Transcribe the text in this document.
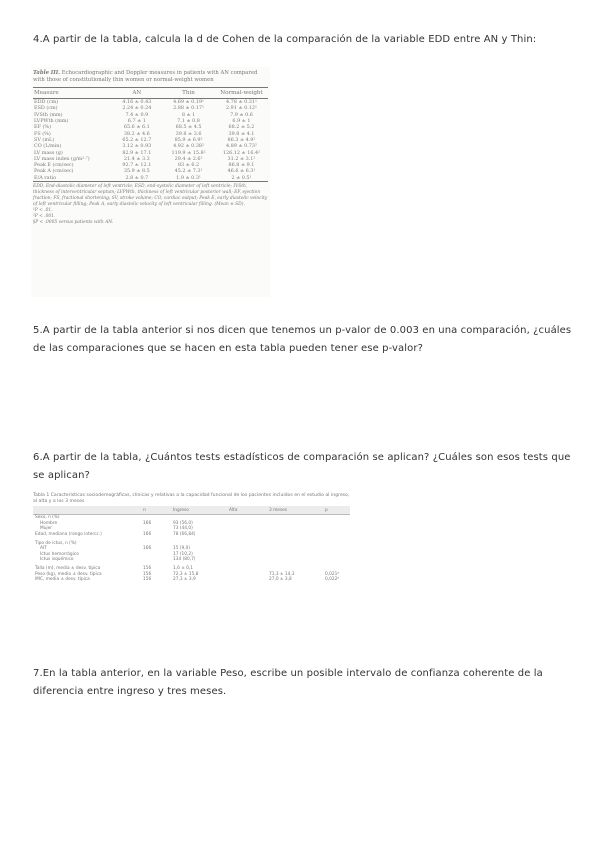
4.A partir de la tabla, calcula la d de Cohen de la comparación de la variable EDD entre AN y Thin:

Table III. Echocardiographic and Doppler measures in patients with AN compared with those of constitutionally thin women or normal-weight women
Measure	AN	Thin	Normal-weight
EDD (cm)	4.16 ± 0.43	4.69 ± 0.19¹	4.78 ± 0.31¹
ESD (cm)	2.24 ± 0.24	2.88 ± 0.17¹	2.91 ± 0.12¹
IVSth (mm)	7.4 ± 0.9	8 ± 1	7.9 ± 0.6
LVPWth (mm)	6.7 ± 1	7.1 ± 0.8	6.9 ± 1
EF (%)	65.6 ± 6.1	68.5 ± 4.5	68.2 ± 5.2
FS (%)	38.2 ± 4.6	39.8 ± 3.6	39.8 ± 4.1
SV (mL)	65.2 ± 12.7	85.9 ± 6.9²	86.3 ± 4.9²
CO (L/min)	3.12 ± 0.93	4.92 ± 0.38²	4.89 ± 0.73²
LV mass (g)	82.9 ± 17.1	119.9 ± 15.8²	126.12 ± 16.4²
LV mass index (g/m²·⁷)	21.4 ± 3.3	29.4 ± 2.6²	31.2 ± 3.1²
Peak E (cm/sec)	92.7 ± 12.1	83 ± 6.2	86.8 ± 9.1
Peak A (cm/sec)	35.9 ± 8.5	45.2 ± 7.3¹	46.6 ± 6.3¹
E/A ratio	2.8 ± 0.7	1.9 ± 0.3¹	2 ± 0.5¹
EDD, End-diastolic diameter of left ventricle; ESD, end-systolic diameter of left ventricle; IVSth, thickness of interventricular septum; LVPWth, thickness of left ventricular posterior wall; EF, ejection fraction; FS, fractional shortening; SV, stroke volume; CO, cardiac output; Peak E, early diastolic velocity of left ventricular filling; Peak A, early diastolic velocity of left ventricular filling. (Mean ± SD).
¹P < .01.
²P < .001.
§P < .0005 versus patients with AN.

5.A partir de la tabla anterior si nos dicen que tenemos un p-valor de 0.003 en una comparación, ¿cuáles de las comparaciones que se hacen en esta tabla pueden tener ese p-valor?

6.A partir de la tabla, ¿Cuántos tests estadísticos de comparación se aplican? ¿Cuáles son esos tests que se aplican?

Tabla 1 Características sociodemográficas, clínicas y relativas a la capacidad funcional de los pacientes incluidos en el estudio al ingreso, al alta y a los 3 meses
	n	Ingreso	Alta	3 meses	p
Sexo, n (%)					
Hombre	166	93 (56,0)			
Mujer		73 (44,0)			
Edad, mediana (rango intercc.)	166	78 (66,84)			

Tipo de ictus, n (%)					
AIT	166	15 (9,0)			
Ictus hemorrágico		17 (10,2)			
Ictus isquémico		134 (80,7)			

Talla (m), media ± desv. típica	156	1,6 ± 0,1			
Peso (kg), media ± desv. típica	156	72,3 ± 15,8		71,3 ± 14,3	0,021ᵃ
IMC, media ± desv. típica	156	27,3 ± 3,9		27,0 ± 3,8	0,022ᵃ

7.En la tabla anterior, en la variable Peso, escribe un posible intervalo de confianza coherente de la diferencia entre ingreso y tres meses.
